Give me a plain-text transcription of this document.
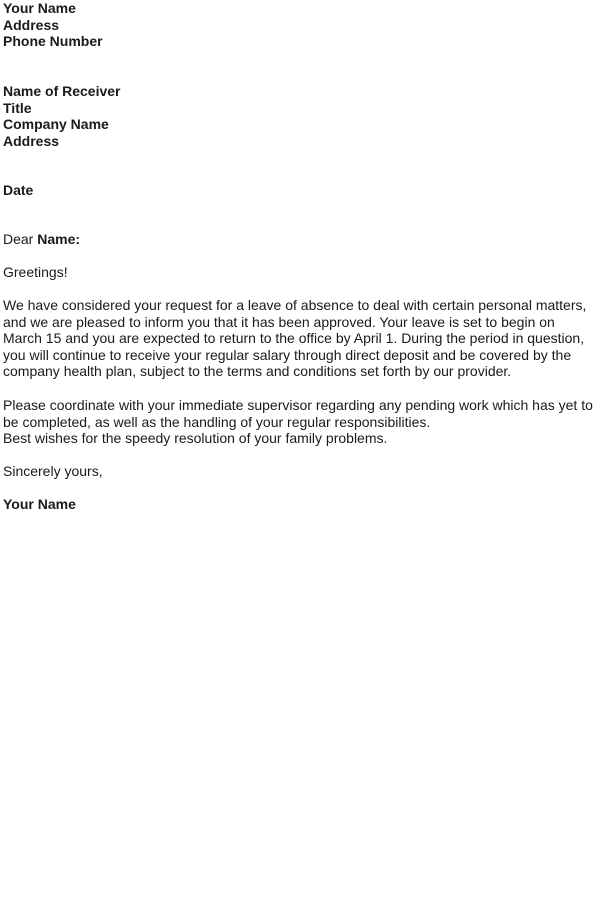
Your Name
Address
Phone Number
Name of Receiver
Title
Company Name
Address
Date
Dear Name:
Greetings!
We have considered your request for a leave of absence to deal with certain personal matters,
and we are pleased to inform you that it has been approved. Your leave is set to begin on
March 15 and you are expected to return to the office by April 1. During the period in question,
you will continue to receive your regular salary through direct deposit and be covered by the
company health plan, subject to the terms and conditions set forth by our provider.
Please coordinate with your immediate supervisor regarding any pending work which has yet to
be completed, as well as the handling of your regular responsibilities.
Best wishes for the speedy resolution of your family problems.
Sincerely yours,
Your Name
